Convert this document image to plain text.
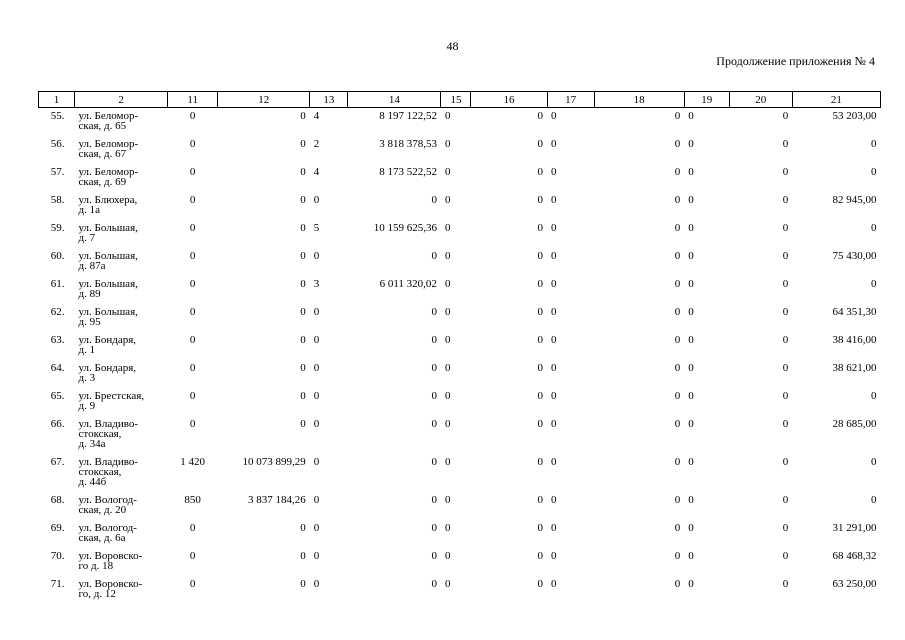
48
Продолжение приложения № 4
1	2	11	12	13	14	15	16	17	18	19	20	21
55.	ул. Беломор-
ская, д. 65	0	0	4	8 197 122,52	0	0	0	0	0	0	53 203,00
56.	ул. Беломор-
ская, д. 67	0	0	2	3 818 378,53	0	0	0	0	0	0	0
57.	ул. Беломор-
ская, д. 69	0	0	4	8 173 522,52	0	0	0	0	0	0	0
58.	ул. Блюхера,
д. 1а	0	0	0	0	0	0	0	0	0	0	82 945,00
59.	ул. Большая,
д. 7	0	0	5	10 159 625,36	0	0	0	0	0	0	0
60.	ул. Большая,
д. 87а	0	0	0	0	0	0	0	0	0	0	75 430,00
61.	ул. Большая,
д. 89	0	0	3	6 011 320,02	0	0	0	0	0	0	0
62.	ул. Большая,
д. 95	0	0	0	0	0	0	0	0	0	0	64 351,30
63.	ул. Бондаря,
д. 1	0	0	0	0	0	0	0	0	0	0	38 416,00
64.	ул. Бондаря,
д. 3	0	0	0	0	0	0	0	0	0	0	38 621,00
65.	ул. Брестская,
д. 9	0	0	0	0	0	0	0	0	0	0	0
66.	ул. Владиво-
стокская,
д. 34а	0	0	0	0	0	0	0	0	0	0	28 685,00
67.	ул. Владиво-
стокская,
д. 44б	1 420	10 073 899,29	0	0	0	0	0	0	0	0	0
68.	ул. Вологод-
ская, д. 20	850	3 837 184,26	0	0	0	0	0	0	0	0	0
69.	ул. Вологод-
ская, д. 6а	0	0	0	0	0	0	0	0	0	0	31 291,00
70.	ул. Воровско-
го д. 18	0	0	0	0	0	0	0	0	0	0	68 468,32
71.	ул. Воровско-
го, д. 12	0	0	0	0	0	0	0	0	0	0	63 250,00
